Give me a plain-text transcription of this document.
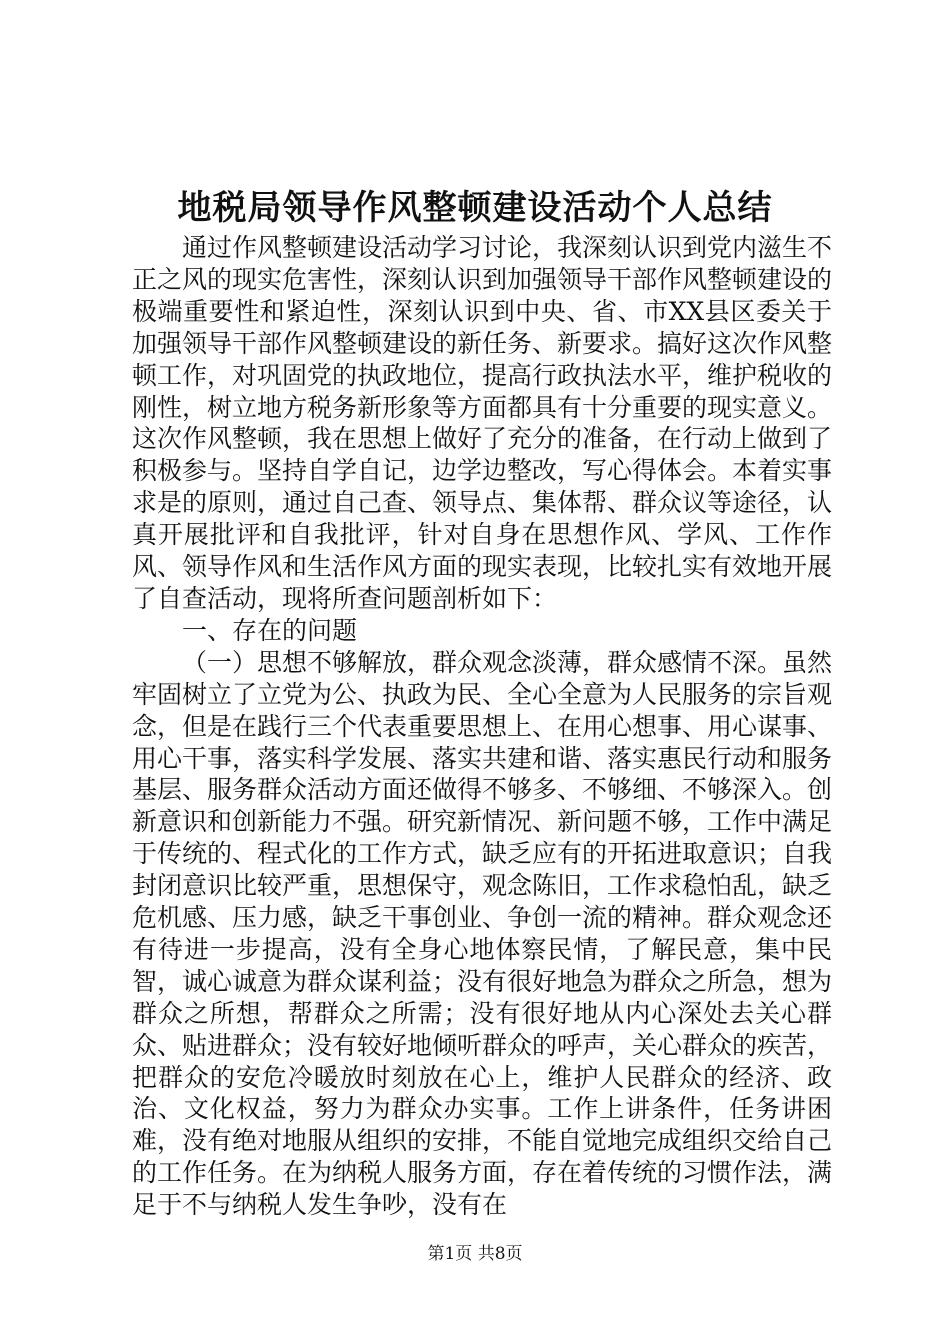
地税局领导作风整顿建设活动个人总结

通过作风整顿建设活动学习讨论，我深刻认识到党内滋生不正之风的现实危害性，深刻认识到加强领导干部作风整顿建设的极端重要性和紧迫性，深刻认识到中央、省、市XX县区委关于加强领导干部作风整顿建设的新任务、新要求。搞好这次作风整顿工作，对巩固党的执政地位，提高行政执法水平，维护税收的刚性，树立地方税务新形象等方面都具有十分重要的现实意义。这次作风整顿，我在思想上做好了充分的准备，在行动上做到了积极参与。坚持自学自记，边学边整改，写心得体会。本着实事求是的原则，通过自己查、领导点、集体帮、群众议等途径，认真开展批评和自我批评，针对自身在思想作风、学风、工作作风、领导作风和生活作风方面的现实表现，比较扎实有效地开展了自查活动，现将所查问题剖析如下：

一、存在的问题

（一）思想不够解放，群众观念淡薄，群众感情不深。虽然牢固树立了立党为公、执政为民、全心全意为人民服务的宗旨观念，但是在践行三个代表重要思想上、在用心想事、用心谋事、用心干事，落实科学发展、落实共建和谐、落实惠民行动和服务基层、服务群众活动方面还做得不够多、不够细、不够深入。创新意识和创新能力不强。研究新情况、新问题不够，工作中满足于传统的、程式化的工作方式，缺乏应有的开拓进取意识；自我封闭意识比较严重，思想保守，观念陈旧，工作求稳怕乱，缺乏危机感、压力感，缺乏干事创业、争创一流的精神。群众观念还有待进一步提高，没有全身心地体察民情，了解民意，集中民智，诚心诚意为群众谋利益；没有很好地急为群众之所急，想为群众之所想，帮群众之所需；没有很好地从内心深处去关心群众、贴进群众；没有较好地倾听群众的呼声，关心群众的疾苦，把群众的安危冷暖放时刻放在心上，维护人民群众的经济、政治、文化权益，努力为群众办实事。工作上讲条件，任务讲困难，没有绝对地服从组织的安排，不能自觉地完成组织交给自己的工作任务。在为纳税人服务方面，存在着传统的习惯作法，满足于不与纳税人发生争吵，没有在

第1页 共8页
